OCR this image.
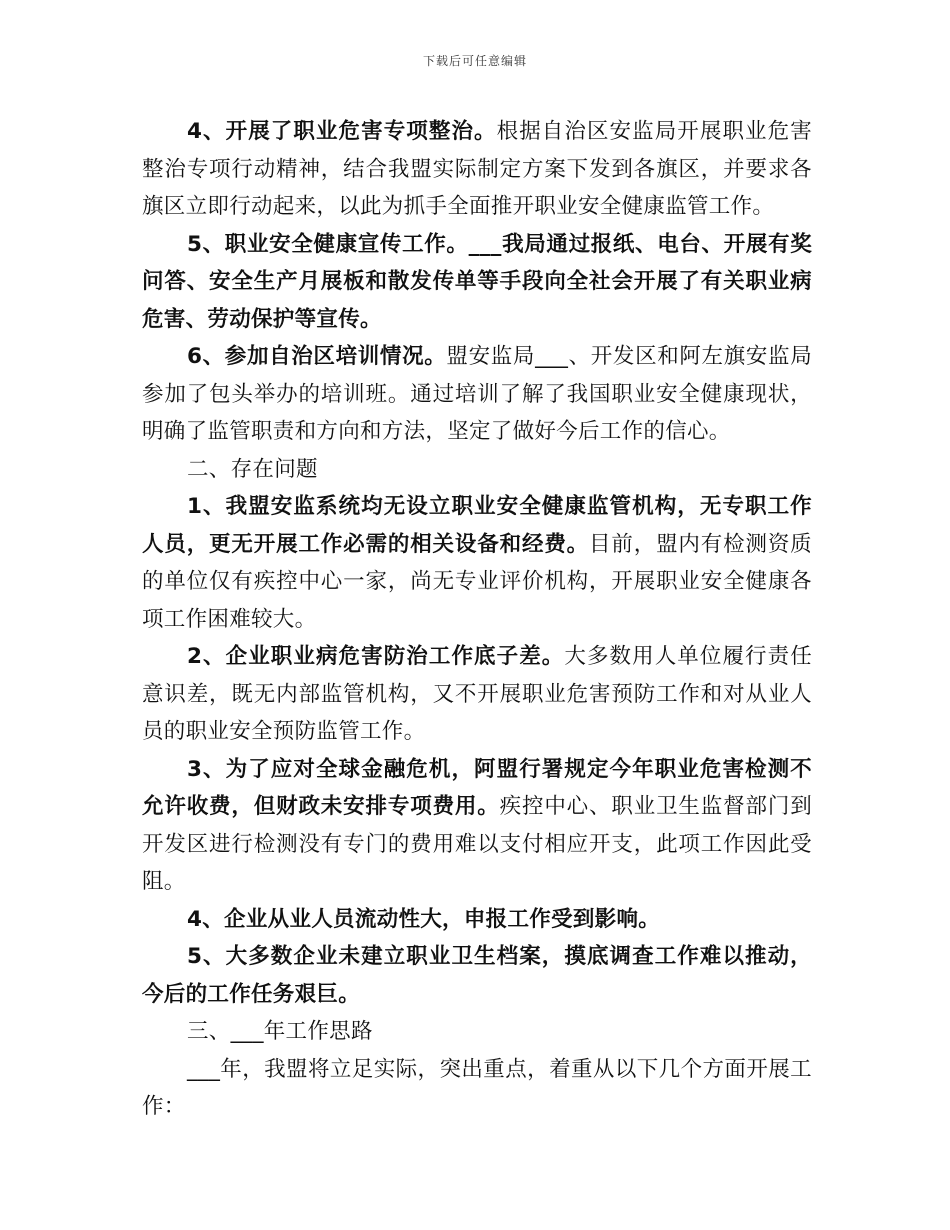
下载后可任意编辑

4、开展了职业危害专项整治。根据自治区安监局开展职业危害整治专项行动精神，结合我盟实际制定方案下发到各旗区，并要求各旗区立即行动起来，以此为抓手全面推开职业安全健康监管工作。

5、职业安全健康宣传工作。___我局通过报纸、电台、开展有奖问答、安全生产月展板和散发传单等手段向全社会开展了有关职业病危害、劳动保护等宣传。

6、参加自治区培训情况。盟安监局___、开发区和阿左旗安监局参加了包头举办的培训班。通过培训了解了我国职业安全健康现状，明确了监管职责和方向和方法，坚定了做好今后工作的信心。

二、存在问题

1、我盟安监系统均无设立职业安全健康监管机构，无专职工作人员，更无开展工作必需的相关设备和经费。目前，盟内有检测资质的单位仅有疾控中心一家，尚无专业评价机构，开展职业安全健康各项工作困难较大。

2、企业职业病危害防治工作底子差。大多数用人单位履行责任意识差，既无内部监管机构，又不开展职业危害预防工作和对从业人员的职业安全预防监管工作。

3、为了应对全球金融危机，阿盟行署规定今年职业危害检测不允许收费，但财政未安排专项费用。疾控中心、职业卫生监督部门到开发区进行检测没有专门的费用难以支付相应开支，此项工作因此受阻。

4、企业从业人员流动性大，申报工作受到影响。

5、大多数企业未建立职业卫生档案，摸底调查工作难以推动，今后的工作任务艰巨。

三、___年工作思路

___年，我盟将立足实际，突出重点，着重从以下几个方面开展工作：
